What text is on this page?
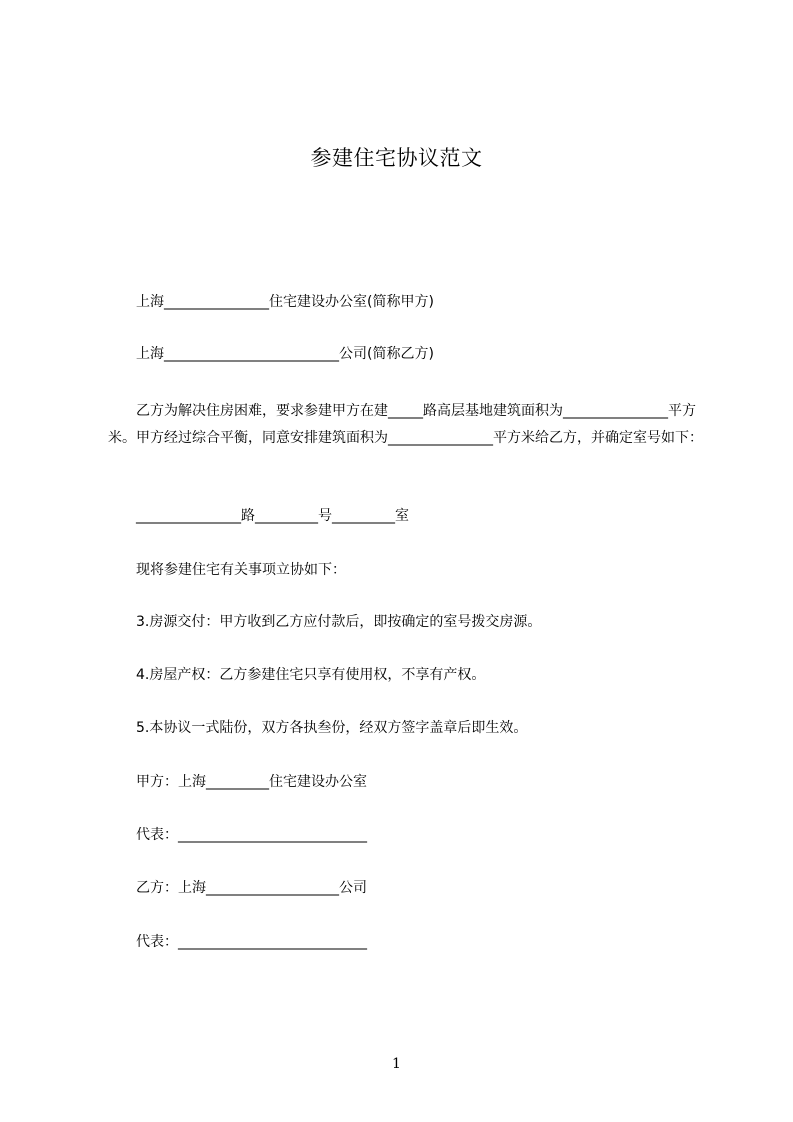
参建住宅协议范文
上海_______________住宅建设办公室(简称甲方)
上海_________________________公司(简称乙方)
乙方为解决住房困难，要求参建甲方在建_____路高层基地建筑面积为_______________平方米。甲方经过综合平衡，同意安排建筑面积为_______________平方米给乙方，并确定室号如下：
_______________路_________号_________室
现将参建住宅有关事项立协如下：
3.房源交付：甲方收到乙方应付款后，即按确定的室号拨交房源。
4.房屋产权：乙方参建住宅只享有使用权，不享有产权。
5.本协议一式陆份，双方各执叁份，经双方签字盖章后即生效。
甲方：上海_________住宅建设办公室
代表：___________________________
乙方：上海___________________公司
代表：___________________________
1
